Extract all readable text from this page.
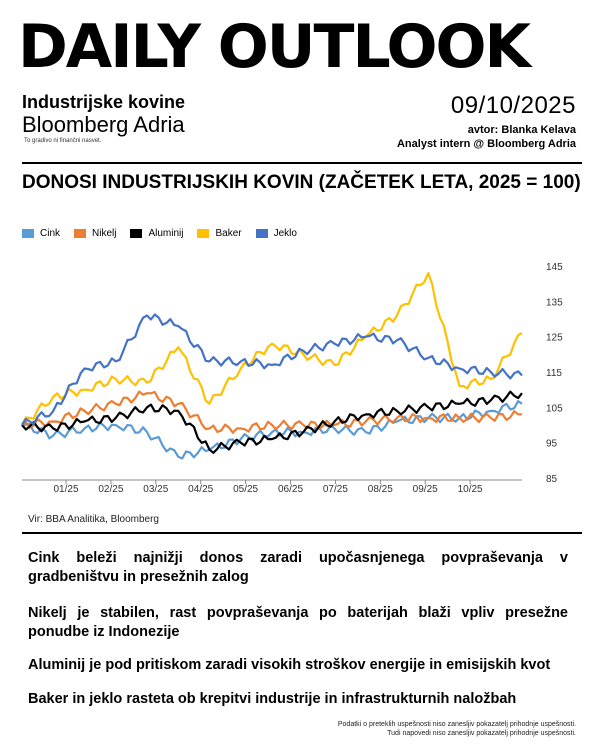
DAILY OUTLOOK
Industrijske kovine
Bloomberg Adria
To gradivo ni finančni nasvet.
09/10/2025
avtor: Blanka Kelava
Analyst intern @ Bloomberg Adria
DONOSI INDUSTRIJSKIH KOVIN (ZAČETEK LETA, 2025 = 100)
Cink	Nikelj	Aluminij	Baker	Jeklo
01/25 02/25 03/25 04/25 05/25 06/25 07/25 08/25 09/25 10/25
85
95
105
115
125
135
145
Vir: BBA Analitika, Bloomberg
Cink beleži najnižji donos zaradi upočasnjenega povpraševanja v gradbeništvu in presežnih zalog
Nikelj je stabilen, rast povpraševanja po baterijah blaži vpliv presežne ponudbe iz Indonezije
Aluminij je pod pritiskom zaradi visokih stroškov energije in emisijskih kvot
Baker in jeklo rasteta ob krepitvi industrije in infrastrukturnih naložbah
Podatki o preteklih uspešnosti niso zanesljiv pokazatelj prihodnje uspešnosti.
Tudi napovedi niso zanesljiv pokazatelj prihodnje uspešnosti.
